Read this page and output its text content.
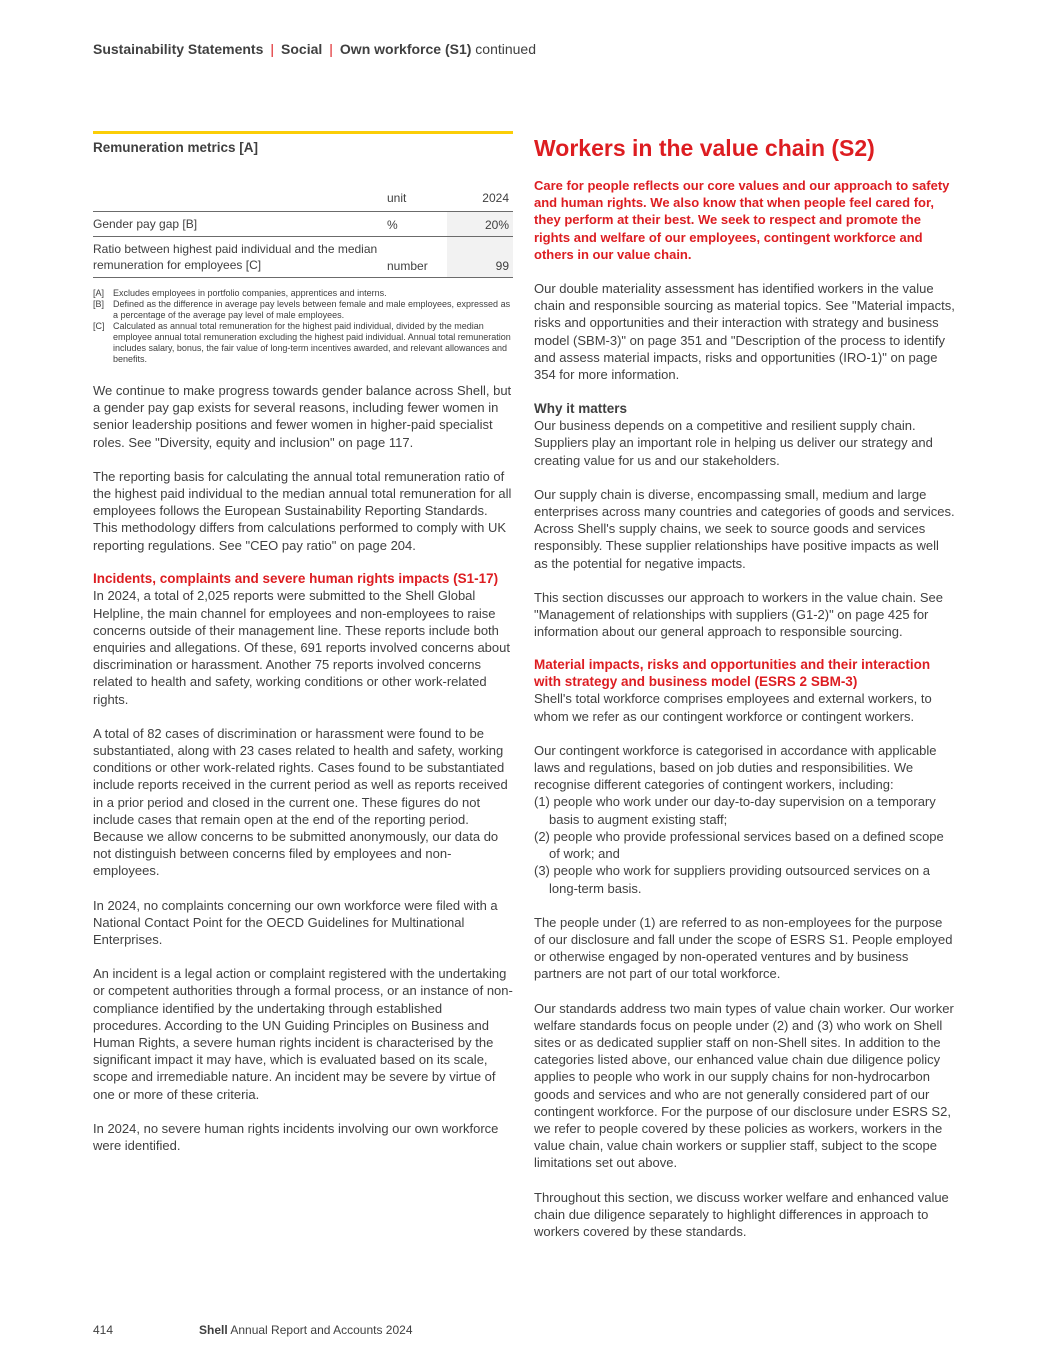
Sustainability Statements | Social | Own workforce (S1) continued
Remuneration metrics [A]
	unit	2024
Gender pay gap [B]	%	20%
Ratio between highest paid individual and the median remuneration for employees [C]	number	99
[A] Excludes employees in portfolio companies, apprentices and interns.
[B] Defined as the difference in average pay levels between female and male employees, expressed as a percentage of the average pay level of male employees.
[C] Calculated as annual total remuneration for the highest paid individual, divided by the median employee annual total remuneration excluding the highest paid individual. Annual total remuneration includes salary, bonus, the fair value of long-term incentives awarded, and relevant allowances and benefits.

We continue to make progress towards gender balance across Shell, but a gender pay gap exists for several reasons, including fewer women in senior leadership positions and fewer women in higher-paid specialist roles. See "Diversity, equity and inclusion" on page 117.

The reporting basis for calculating the annual total remuneration ratio of the highest paid individual to the median annual total remuneration for all employees follows the European Sustainability Reporting Standards. This methodology differs from calculations performed to comply with UK reporting regulations. See "CEO pay ratio" on page 204.

Incidents, complaints and severe human rights impacts (S1-17)

In 2024, a total of 2,025 reports were submitted to the Shell Global Helpline, the main channel for employees and non-employees to raise concerns outside of their management line. These reports include both enquiries and allegations. Of these, 691 reports involved concerns about discrimination or harassment. Another 75 reports involved concerns related to health and safety, working conditions or other work-related rights.

A total of 82 cases of discrimination or harassment were found to be substantiated, along with 23 cases related to health and safety, working conditions or other work-related rights. Cases found to be substantiated include reports received in the current period as well as reports received in a prior period and closed in the current one. These figures do not include cases that remain open at the end of the reporting period. Because we allow concerns to be submitted anonymously, our data do not distinguish between concerns filed by employees and non-employees.

In 2024, no complaints concerning our own workforce were filed with a National Contact Point for the OECD Guidelines for Multinational Enterprises.

An incident is a legal action or complaint registered with the undertaking or competent authorities through a formal process, or an instance of non-compliance identified by the undertaking through established procedures. According to the UN Guiding Principles on Business and Human Rights, a severe human rights incident is characterised by the significant impact it may have, which is evaluated based on its scale, scope and irremediable nature. An incident may be severe by virtue of one or more of these criteria.

In 2024, no severe human rights incidents involving our own workforce were identified.

Workers in the value chain (S2)

Care for people reflects our core values and our approach to safety and human rights. We also know that when people feel cared for, they perform at their best. We seek to respect and promote the rights and welfare of our employees, contingent workforce and others in our value chain.

Our double materiality assessment has identified workers in the value chain and responsible sourcing as material topics. See "Material impacts, risks and opportunities and their interaction with strategy and business model (SBM-3)" on page 351 and "Description of the process to identify and assess material impacts, risks and opportunities (IRO-1)" on page 354 for more information.

Why it matters

Our business depends on a competitive and resilient supply chain. Suppliers play an important role in helping us deliver our strategy and creating value for us and our stakeholders.

Our supply chain is diverse, encompassing small, medium and large enterprises across many countries and categories of goods and services. Across Shell's supply chains, we seek to source goods and services responsibly. These supplier relationships have positive impacts as well as the potential for negative impacts.

This section discusses our approach to workers in the value chain. See "Management of relationships with suppliers (G1-2)" on page 425 for information about our general approach to responsible sourcing.

Material impacts, risks and opportunities and their interaction with strategy and business model (ESRS 2 SBM-3)

Shell's total workforce comprises employees and external workers, to whom we refer as our contingent workforce or contingent workers.

Our contingent workforce is categorised in accordance with applicable laws and regulations, based on job duties and responsibilities. We recognise different categories of contingent workers, including:

(1) people who work under our day-to-day supervision on a temporary basis to augment existing staff;
(2) people who provide professional services based on a defined scope of work; and
(3) people who work for suppliers providing outsourced services on a long-term basis.

The people under (1) are referred to as non-employees for the purpose of our disclosure and fall under the scope of ESRS S1. People employed or otherwise engaged by non-operated ventures and by business partners are not part of our total workforce.

Our standards address two main types of value chain worker. Our worker welfare standards focus on people under (2) and (3) who work on Shell sites or as dedicated supplier staff on non-Shell sites. In addition to the categories listed above, our enhanced value chain due diligence policy applies to people who work in our supply chains for non-hydrocarbon goods and services and who are not generally considered part of our contingent workforce. For the purpose of our disclosure under ESRS S2, we refer to people covered by these policies as workers, workers in the value chain, value chain workers or supplier staff, subject to the scope limitations set out above.

Throughout this section, we discuss worker welfare and enhanced value chain due diligence separately to highlight differences in approach to workers covered by these standards.

414	Shell Annual Report and Accounts 2024
